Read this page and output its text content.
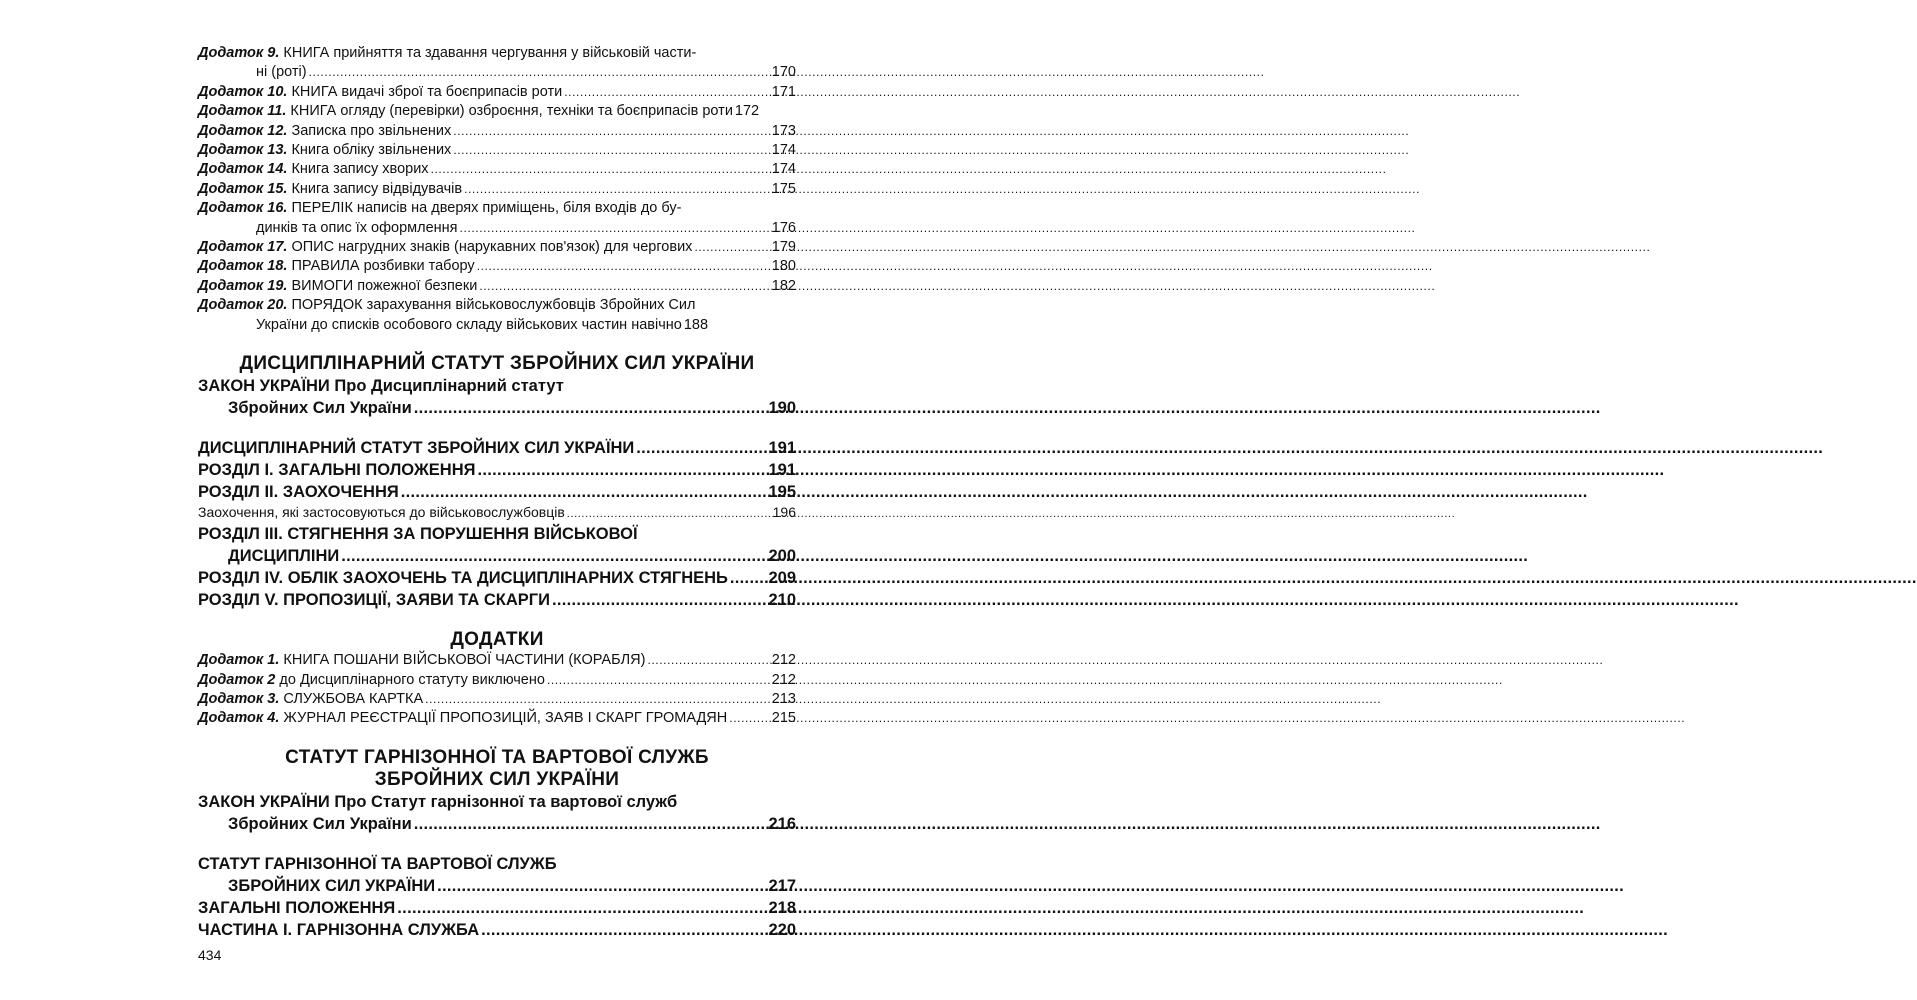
Додаток 9. КНИГА прийняття та здавання чергування у військовій части-
ні (роті) .....	170
Додаток 10. КНИГА видачі зброї та боєприпасів роти .....	171
Додаток 11. КНИГА огляду (перевірки) озброєння, техніки та боєприпасів роти 172
Додаток 12. Записка про звільнених .....	173
Додаток 13. Книга обліку звільнених .....	174
Додаток 14. Книга запису хворих .....	174
Додаток 15. Книга запису відвідувачів .....	175
Додаток 16. ПЕРЕЛІК написів на дверях приміщень, біля входів до бу-
динків та опис їх оформлення .....	176
Додаток 17. ОПИС нагрудних знаків (нарукавних пов'язок) для чергових .....	179
Додаток 18. ПРАВИЛА розбивки табору .....	180
Додаток 19. ВИМОГИ пожежної безпеки .....	182
Додаток 20. ПОРЯДОК зарахування військовослужбовців Збройних Сил
України до списків особового складу військових частин навічно 188
ДИСЦИПЛІНАРНИЙ СТАТУТ ЗБРОЙНИХ СИЛ УКРАЇНИ
ЗАКОН УКРАЇНИ Про Дисциплінарний статут
Збройних Сил України .....	190
ДИСЦИПЛІНАРНИЙ СТАТУТ ЗБРОЙНИХ СИЛ УКРАЇНИ .....	191
РОЗДІЛ I. ЗАГАЛЬНІ ПОЛОЖЕННЯ .....	191
РОЗДІЛ II. ЗАОХОЧЕННЯ .....	195
Заохочення, які застосовуються до військовослужбовців .....	196
РОЗДІЛ III. СТЯГНЕННЯ ЗА ПОРУШЕННЯ ВІЙСЬКОВОЇ
ДИСЦИПЛІНИ .....	200
РОЗДІЛ IV. ОБЛІК ЗАОХОЧЕНЬ ТА ДИСЦИПЛІНАРНИХ СТЯГНЕНЬ ..... 209
РОЗДІЛ V. ПРОПОЗИЦІЇ, ЗАЯВИ ТА СКАРГИ .....	210
ДОДАТКИ
Додаток 1. КНИГА ПОШАНИ ВІЙСЬКОВОЇ ЧАСТИНИ (КОРАБЛЯ) .....	212
Додаток 2 до Дисциплінарного статуту виключено .....	212
Додаток 3. СЛУЖБОВА КАРТКА .....	213
Додаток 4. ЖУРНАЛ РЕЄСТРАЦІЇ ПРОПОЗИЦІЙ, ЗАЯВ І СКАРГ ГРОМАДЯН .....	215
СТАТУТ ГАРНІЗОННОЇ ТА ВАРТОВОЇ СЛУЖБ
ЗБРОЙНИХ СИЛ УКРАЇНИ
ЗАКОН УКРАЇНИ Про Статут гарнізонної та вартової служб
Збройних Сил України .....	216
СТАТУТ ГАРНІЗОННОЇ ТА ВАРТОВОЇ СЛУЖБ
ЗБРОЙНИХ СИЛ УКРАЇНИ .....	217
ЗАГАЛЬНІ ПОЛОЖЕННЯ .....	218
ЧАСТИНА I. ГАРНІЗОННА СЛУЖБА .....	220
434
